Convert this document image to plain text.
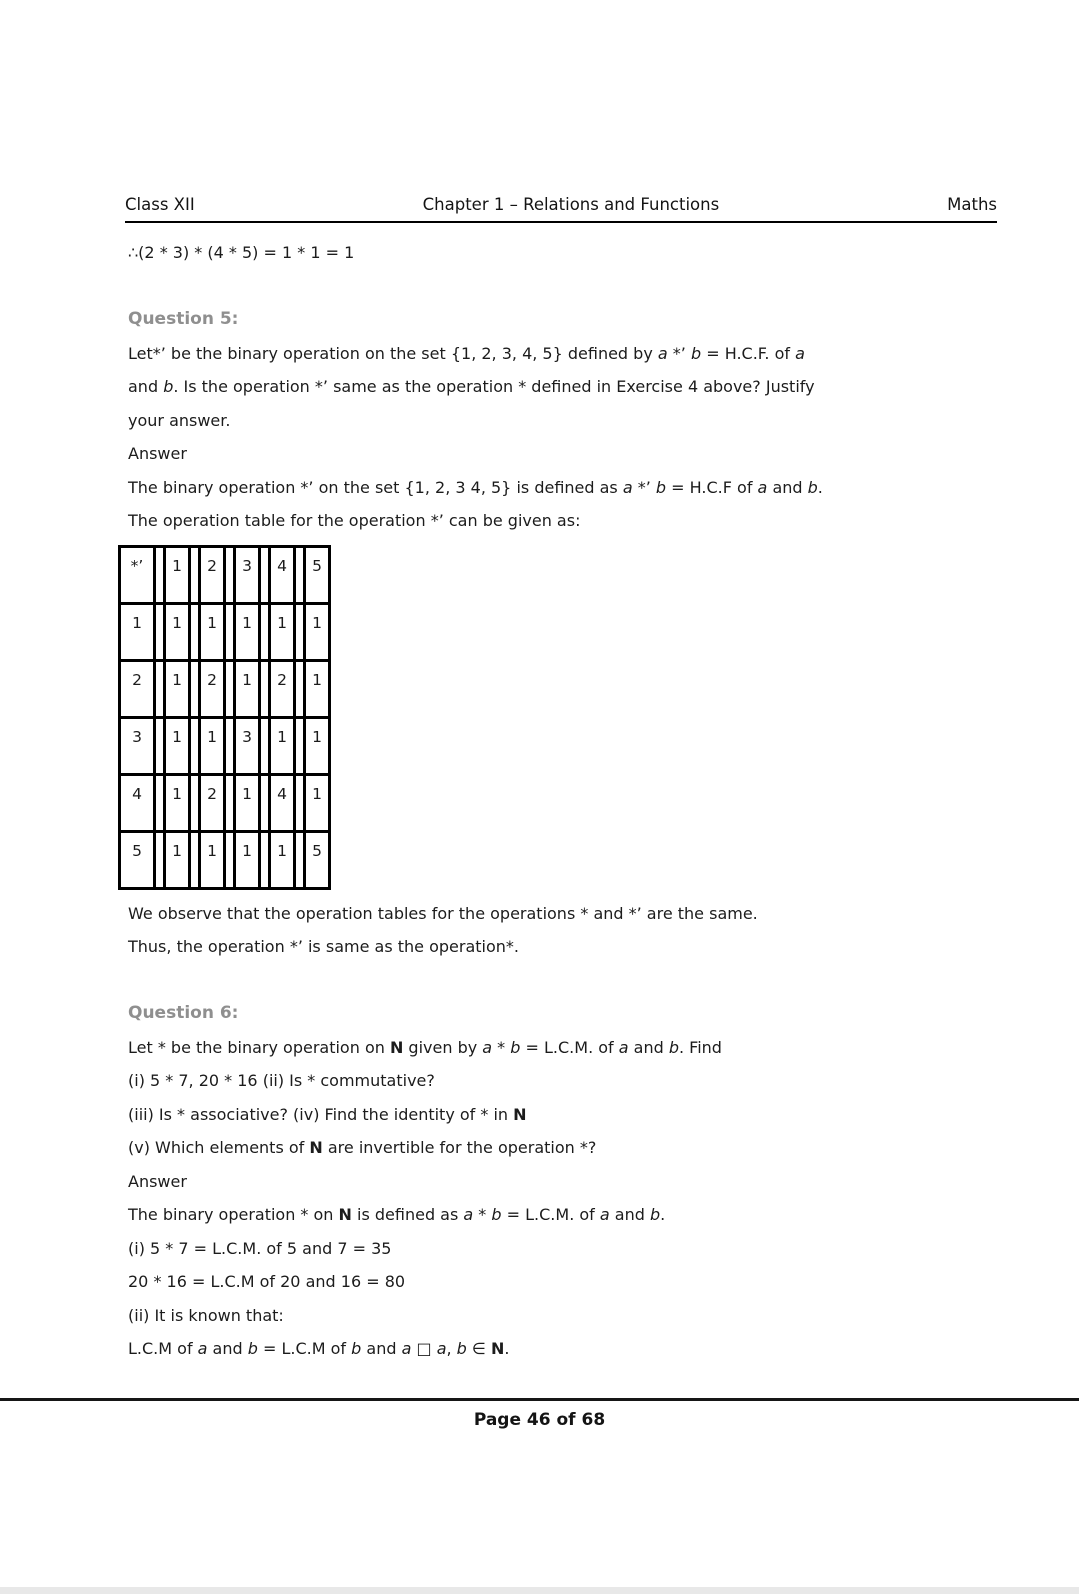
Class XII	Chapter 1 – Relations and Functions	Maths

∴(2 * 3) * (4 * 5) = 1 * 1 = 1

Question 5:

Let*’ be the binary operation on the set {1, 2, 3, 4, 5} defined by a *’ b = H.C.F. of a

and b. Is the operation *’ same as the operation * defined in Exercise 4 above? Justify

your answer.

Answer

The binary operation *’ on the set {1, 2, 3 4, 5} is defined as a *’ b = H.C.F of a and b.

The operation table for the operation *’ can be given as:

*’	1	2	3	4	5
1	1	1	1	1	1
2	1	2	1	2	1
3	1	1	3	1	1
4	1	2	1	4	1
5	1	1	1	1	5

We observe that the operation tables for the operations * and *’ are the same.

Thus, the operation *’ is same as the operation*.

Question 6:

Let * be the binary operation on N given by a * b = L.C.M. of a and b. Find

(i) 5 * 7, 20 * 16 (ii) Is * commutative?

(iii) Is * associative? (iv) Find the identity of * in N

(v) Which elements of N are invertible for the operation *?

Answer

The binary operation * on N is defined as a * b = L.C.M. of a and b.

(i) 5 * 7 = L.C.M. of 5 and 7 = 35

20 * 16 = L.C.M of 20 and 16 = 80

(ii) It is known that:

L.C.M of a and b = L.C.M of b and a □ a, b ∈ N.

Page 46 of 68
